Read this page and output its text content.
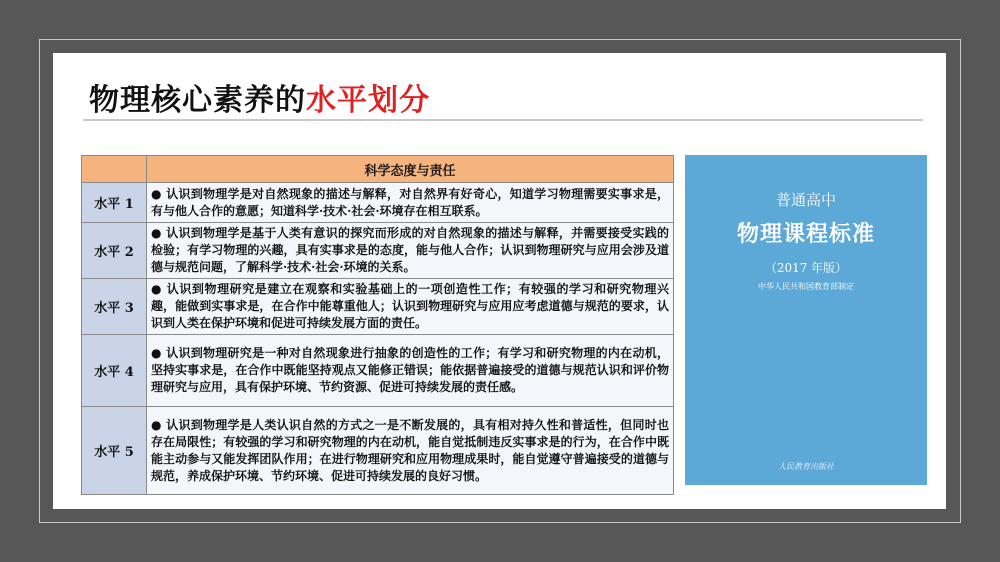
物理核心素养的水平划分
	科学态度与责任
水平 1	● 认识到物理学是对自然现象的描述与解释，对自然界有好奇心，知道学习物理需要实事求是，有与他人合作的意愿；知道科学·技术·社会·环境存在相互联系。
水平 2	● 认识到物理学是基于人类有意识的探究而形成的对自然现象的描述与解释，并需要接受实践的检验；有学习物理的兴趣，具有实事求是的态度，能与他人合作；认识到物理研究与应用会涉及道德与规范问题，了解科学·技术·社会·环境的关系。
水平 3	● 认识到物理研究是建立在观察和实验基础上的一项创造性工作；有较强的学习和研究物理兴趣，能做到实事求是，在合作中能尊重他人；认识到物理研究与应用应考虑道德与规范的要求，认识到人类在保护环境和促进可持续发展方面的责任。
水平 4	● 认识到物理研究是一种对自然现象进行抽象的创造性的工作；有学习和研究物理的内在动机，坚持实事求是，在合作中既能坚持观点又能修正错误；能依据普遍接受的道德与规范认识和评价物理研究与应用，具有保护环境、节约资源、促进可持续发展的责任感。
水平 5	● 认识到物理学是人类认识自然的方式之一是不断发展的，具有相对持久性和普适性，但同时也存在局限性；有较强的学习和研究物理的内在动机，能自觉抵制违反实事求是的行为，在合作中既能主动参与又能发挥团队作用；在进行物理研究和应用物理成果时，能自觉遵守普遍接受的道德与规范，养成保护环境、节约环境、促进可持续发展的良好习惯。
普通高中
物理课程标准
（2017 年版）
中华人民共和国教育部制定
人民教育出版社
